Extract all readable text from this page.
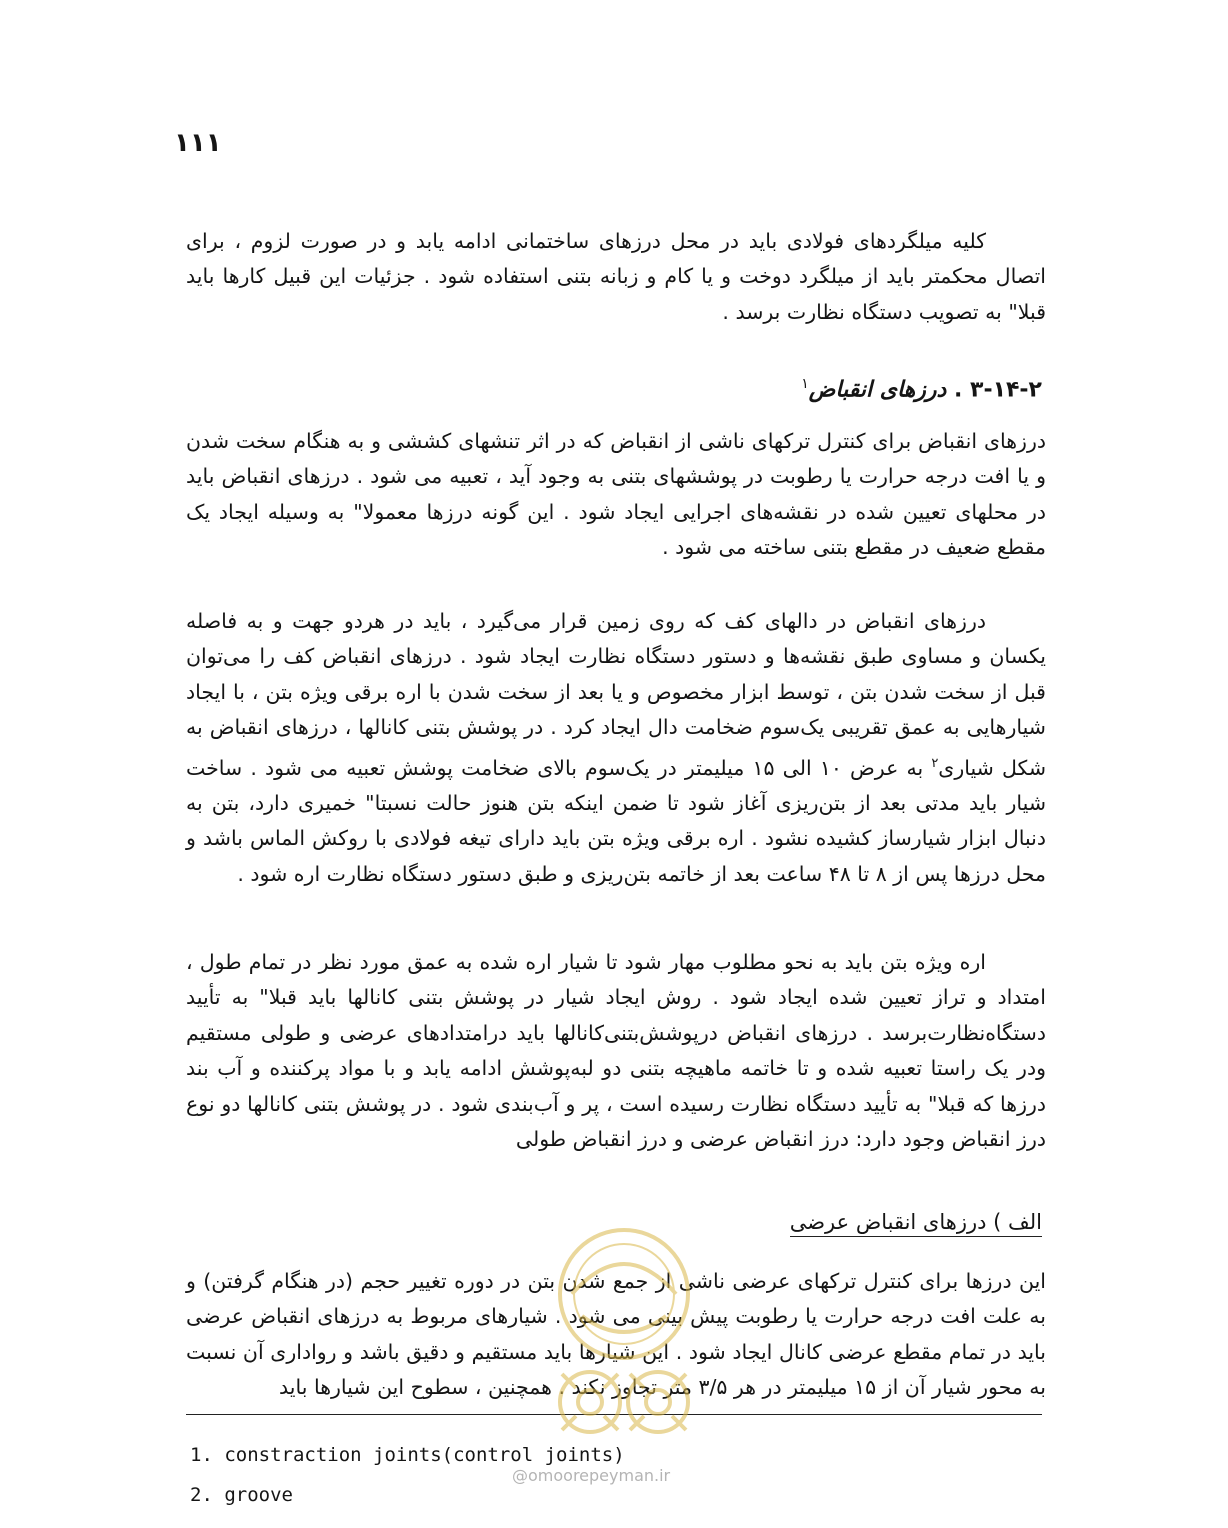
۱۱۱

کلیه میلگردهای فولادی باید در محل درزهای ساختمانی ادامه یابد و در صورت لزوم ، برای اتصال محکمتر باید از میلگرد دوخت و یا کام و زبانه بتنی استفاده شود . جزئیات این قبیل کارها باید قبلا" به تصویب دستگاه نظارت برسد .

۳-۱۴-۲ . درزهای انقباض$^۱$

درزهای انقباض برای کنترل ترکهای ناشی از انقباض که در اثر تنشهای کششی و به هنگام سخت شدن و یا افت درجه حرارت یا رطوبت در پوششهای بتنی به وجود آید ، تعبیه می شود . درزهای انقباض باید در محلهای تعیین شده در نقشه‌های اجرایی ایجاد شود . این گونه درزها معمولا" به وسیله ایجاد یک مقطع ضعیف در مقطع بتنی ساخته می شود .

درزهای انقباض در دالهای کف که روی زمین قرار می‌گیرد ، باید در هردو جهت و به فاصله یکسان و مساوی طبق نقشه‌ها و دستور دستگاه نظارت ایجاد شود . درزهای انقباض کف را می‌توان قبل از سخت شدن بتن ، توسط ابزار مخصوص و یا بعد از سخت شدن با اره برقی ویژه بتن ، با ایجاد شیارهایی به عمق تقریبی یک‌سوم ضخامت دال ایجاد کرد . در پوشش بتنی کانالها ، درزهای انقباض به شکل شیاری$^۲$ به عرض ۱۰ الی ۱۵ میلیمتر در یک‌سوم بالای ضخامت پوشش تعبیه می شود . ساخت شیار باید مدتی بعد از بتن‌ریزی آغاز شود تا ضمن اینکه بتن هنوز حالت نسبتا" خمیری دارد، بتن به دنبال ابزار شیارساز کشیده نشود . اره برقی ویژه بتن باید دارای تیغه فولادی با روکش الماس باشد و محل درزها پس از ۸ تا ۴۸ ساعت بعد از خاتمه بتن‌ریزی و طبق دستور دستگاه نظارت اره شود .

اره ویژه بتن باید به نحو مطلوب مهار شود تا شیار اره شده به عمق مورد نظر در تمام طول ، امتداد و تراز تعیین شده ایجاد شود . روش ایجاد شیار در پوشش بتنی کانالها باید قبلا" به تأیید دستگاه‌نظارت‌برسد . درزهای انقباض درپوشش‌بتنی‌کانالها باید درامتدادهای عرضی و طولی مستقیم ودر یک راستا تعبیه شده و تا خاتمه ماهیچه بتنی دو لبه‌پوشش ادامه یابد و با مواد پرکننده و آب بند درزها که قبلا" به تأیید دستگاه نظارت رسیده است ، پر و آب‌بندی شود . در پوشش بتنی کانالها دو نوع درز انقباض وجود دارد: درز انقباض عرضی و درز انقباض طولی

الف ) درزهای انقباض عرضی

این درزها برای کنترل ترکهای عرضی ناشی از جمع شدن بتن در دوره تغییر حجم (در هنگام گرفتن) و به علت افت درجه حرارت یا رطوبت پیش بینی می شود . شیارهای مربوط به درزهای انقباض عرضی باید در تمام مقطع عرضی کانال ایجاد شود . این شیارها باید مستقیم و دقیق باشد و رواداری آن نسبت به محور شیار آن از ۱۵ میلیمتر در هر ۳/۵ متر تجاوز نکند . همچنین ، سطوح این شیارها باید

1. constraction joints(control joints)
2. groove
@omoorepeyman.ir
